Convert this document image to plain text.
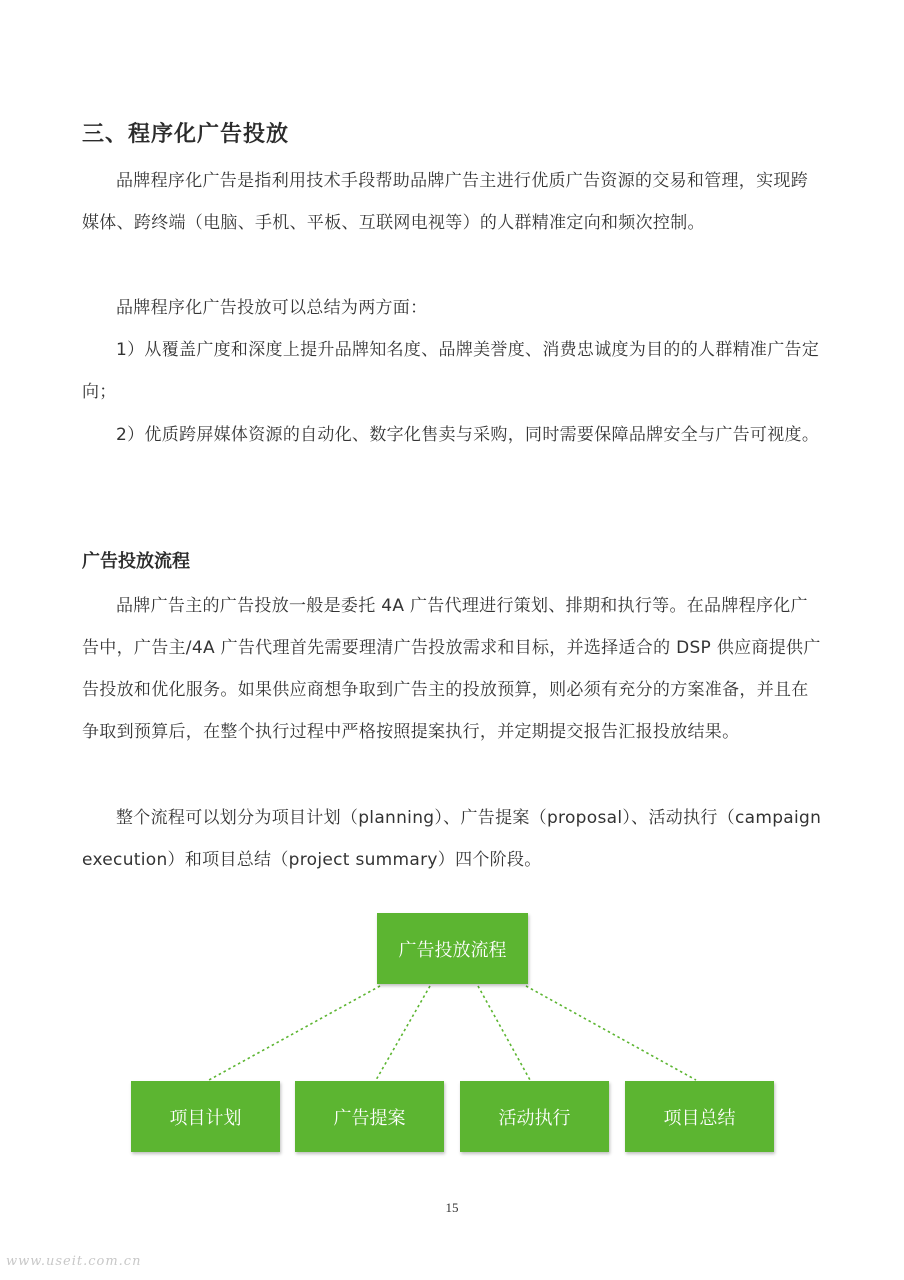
三、程序化广告投放

品牌程序化广告是指利用技术手段帮助品牌广告主进行优质广告资源的交易和管理，实现跨媒体、跨终端（电脑、手机、平板、互联网电视等）的人群精准定向和频次控制。

品牌程序化广告投放可以总结为两方面：

1）从覆盖广度和深度上提升品牌知名度、品牌美誉度、消费忠诚度为目的的人群精准广告定向；

2）优质跨屏媒体资源的自动化、数字化售卖与采购，同时需要保障品牌安全与广告可视度。

广告投放流程

品牌广告主的广告投放一般是委托 4A 广告代理进行策划、排期和执行等。在品牌程序化广告中，广告主/4A 广告代理首先需要理清广告投放需求和目标，并选择适合的 DSP 供应商提供广告投放和优化服务。如果供应商想争取到广告主的投放预算，则必须有充分的方案准备，并且在争取到预算后，在整个执行过程中严格按照提案执行，并定期提交报告汇报投放结果。

整个流程可以划分为项目计划（planning）、广告提案（proposal）、活动执行（campaign execution）和项目总结（project summary）四个阶段。

广告投放流程
项目计划	广告提案	活动执行	项目总结
15
www.useit.com.cn
